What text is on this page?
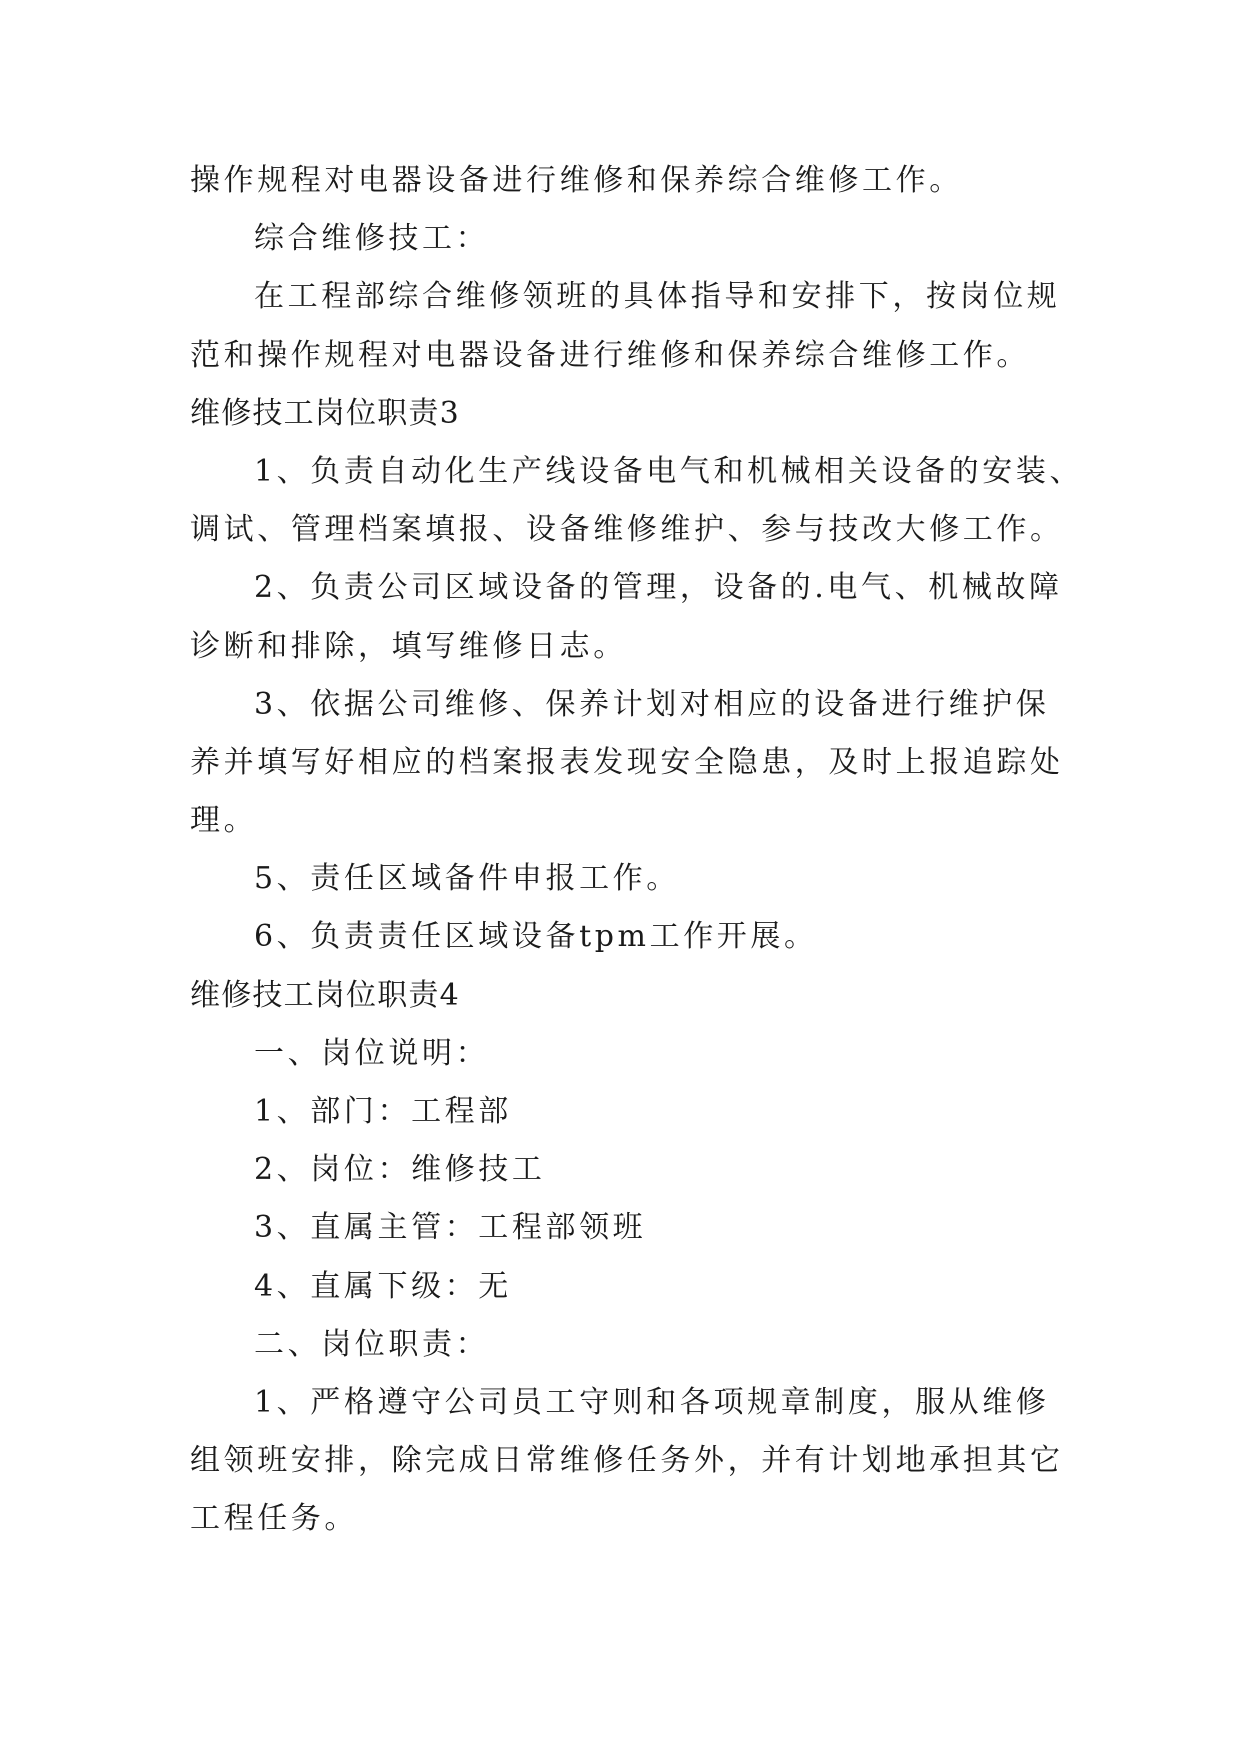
操作规程对电器设备进行维修和保养综合维修工作。
综合维修技工：
在工程部综合维修领班的具体指导和安排下，按岗位规
范和操作规程对电器设备进行维修和保养综合维修工作。
维修技工岗位职责3
1、负责自动化生产线设备电气和机械相关设备的安装、
调试、管理档案填报、设备维修维护、参与技改大修工作。
2、负责公司区域设备的管理，设备的.电气、机械故障
诊断和排除，填写维修日志。
3、依据公司维修、保养计划对相应的设备进行维护保
养并填写好相应的档案报表发现安全隐患，及时上报追踪处
理。
5、责任区域备件申报工作。
6、负责责任区域设备tpm工作开展。
维修技工岗位职责4
一、岗位说明：
1、部门：工程部
2、岗位：维修技工
3、直属主管：工程部领班
4、直属下级：无
二、岗位职责：
1、严格遵守公司员工守则和各项规章制度，服从维修
组领班安排，除完成日常维修任务外，并有计划地承担其它
工程任务。
